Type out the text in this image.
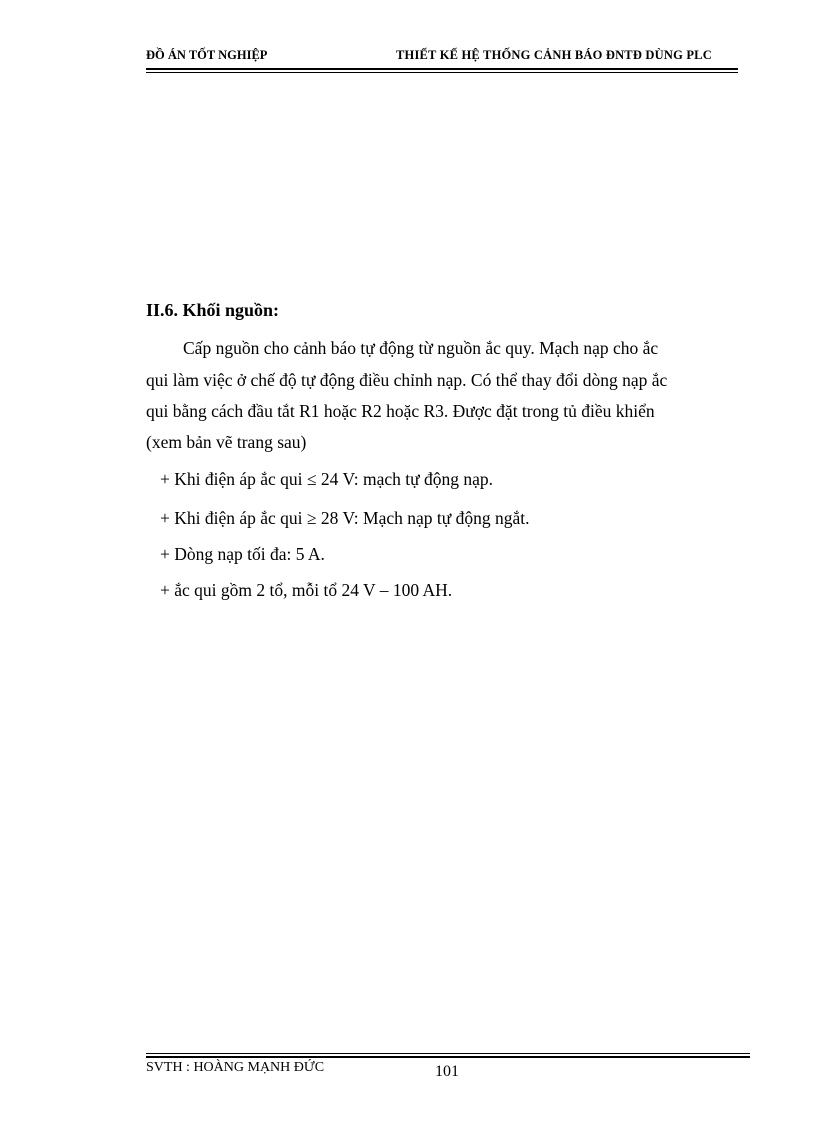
ĐỒ ÁN TỐT NGHIỆP	THIẾT KẾ HỆ THỐNG CẢNH BÁO ĐNTĐ DÙNG PLC
II.6. Khối nguồn:
Cấp nguồn cho cảnh báo tự động từ nguồn ắc quy. Mạch nạp cho ắc
qui làm việc ở chế độ tự động điều chỉnh nạp. Có thể thay đổi dòng nạp ắc
qui bằng cách đầu tắt R1 hoặc R2 hoặc R3. Được đặt trong tủ điều khiển
(xem bản vẽ trang sau)
+ Khi điện áp ắc qui ≤ 24 V: mạch tự động nạp.
+ Khi điện áp ắc qui ≥ 28 V: Mạch nạp tự động ngắt.
+ Dòng nạp tối đa: 5 A.
+ ắc qui gồm 2 tổ, mỗi tổ 24 V – 100 AH.
SVTH : HOÀNG MẠNH ĐỨC	101
